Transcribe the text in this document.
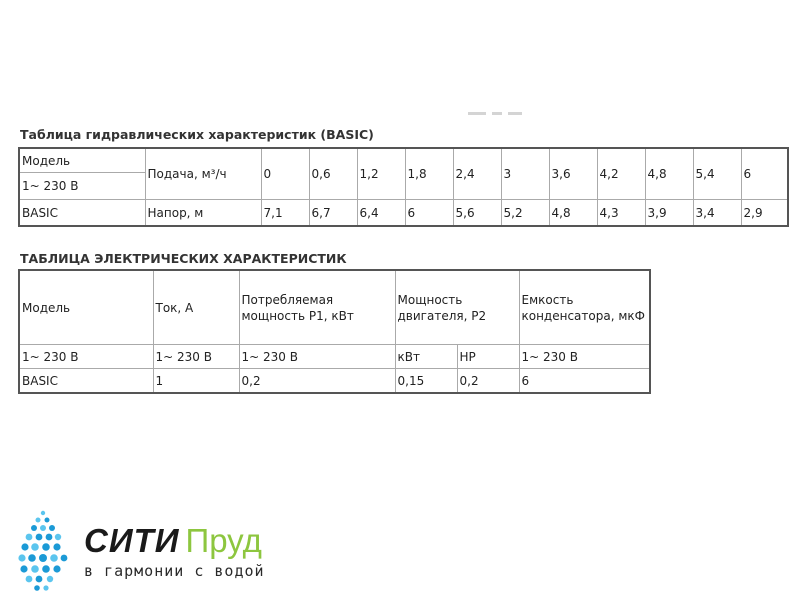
Таблица гидравлических характеристик (BASIC)
Модель	Подача, м³/ч	0	0,6	1,2	1,8	2,4	3	3,6	4,2	4,8	5,4	6
1~ 230 В												
BASIC	Напор, м	7,1	6,7	6,4	6	5,6	5,2	4,8	4,3	3,9	3,4	2,9
ТАБЛИЦА ЭЛЕКТРИЧЕСКИХ ХАРАКТЕРИСТИК
Модель	Ток, А	Потребляемая мощность Р1, кВт	Мощность двигателя, Р2		Емкость конденсатора, мкФ
1~ 230 В	1~ 230 В	1~ 230 В	кВт	HP	1~ 230 В
BASIC	1	0,2	0,15	0,2	6
СИТИ Пруд
в гармонии с водой
